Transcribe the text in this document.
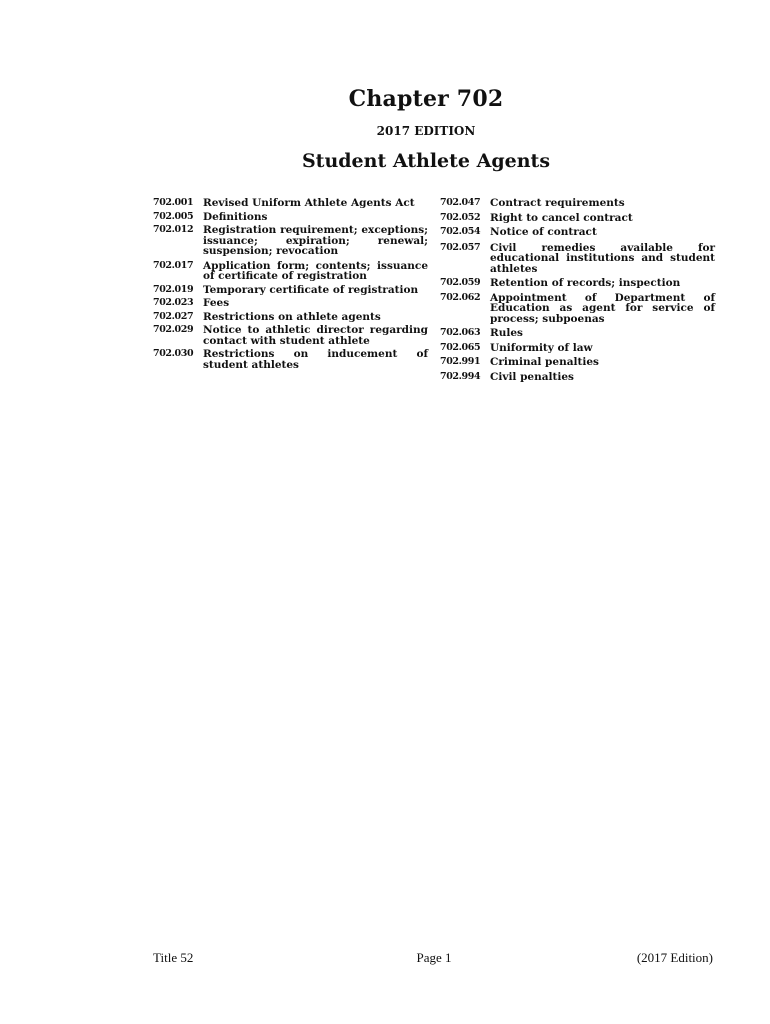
Chapter 702
2017 EDITION
Student Athlete Agents
702.001 Revised Uniform Athlete Agents Act
702.005 Definitions
702.012 Registration requirement; exceptions; issuance; expiration; renewal; suspension; revocation
702.017 Application form; contents; issuance of certificate of registration
702.019 Temporary certificate of registration
702.023 Fees
702.027 Restrictions on athlete agents
702.029 Notice to athletic director regarding contact with student athlete
702.030 Restrictions on inducement of student athletes
702.047 Contract requirements
702.052 Right to cancel contract
702.054 Notice of contract
702.057 Civil remedies available for educational institutions and student athletes
702.059 Retention of records; inspection
702.062 Appointment of Department of Education as agent for service of process; subpoenas
702.063 Rules
702.065 Uniformity of law
702.991 Criminal penalties
702.994 Civil penalties
Title 52	Page 1	(2017 Edition)
